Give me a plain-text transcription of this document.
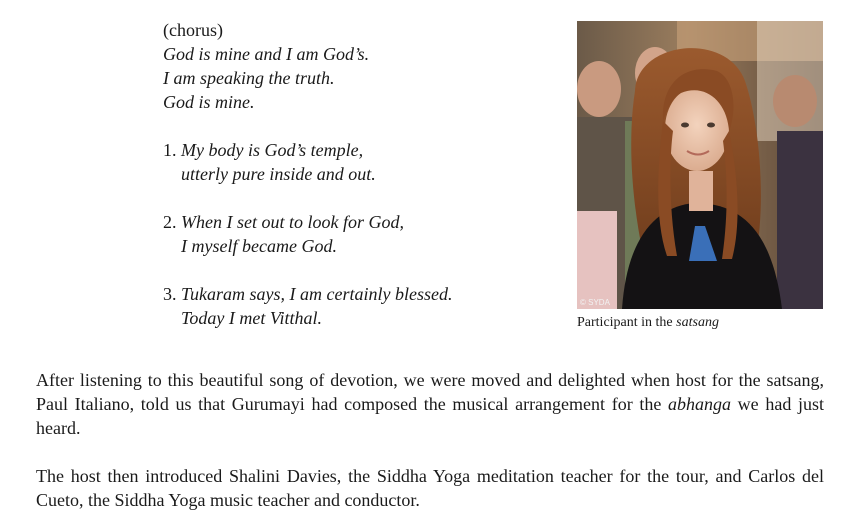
(chorus)
God is mine and I am God’s.
I am speaking the truth.
God is mine.
1. My body is God’s temple,
utterly pure inside and out.
2. When I set out to look for God,
I myself became God.
3. Tukaram says, I am certainly blessed.
Today I met Vitthal.
© SYDA
Participant in the satsang

After listening to this beautiful song of devotion, we were moved and delighted when host for the satsang, Paul Italiano, told us that Gurumayi had composed the musical arrangement for the abhanga we had just heard.

The host then introduced Shalini Davies, the Siddha Yoga meditation teacher for the tour, and Carlos del Cueto, the Siddha Yoga music teacher and conductor.
